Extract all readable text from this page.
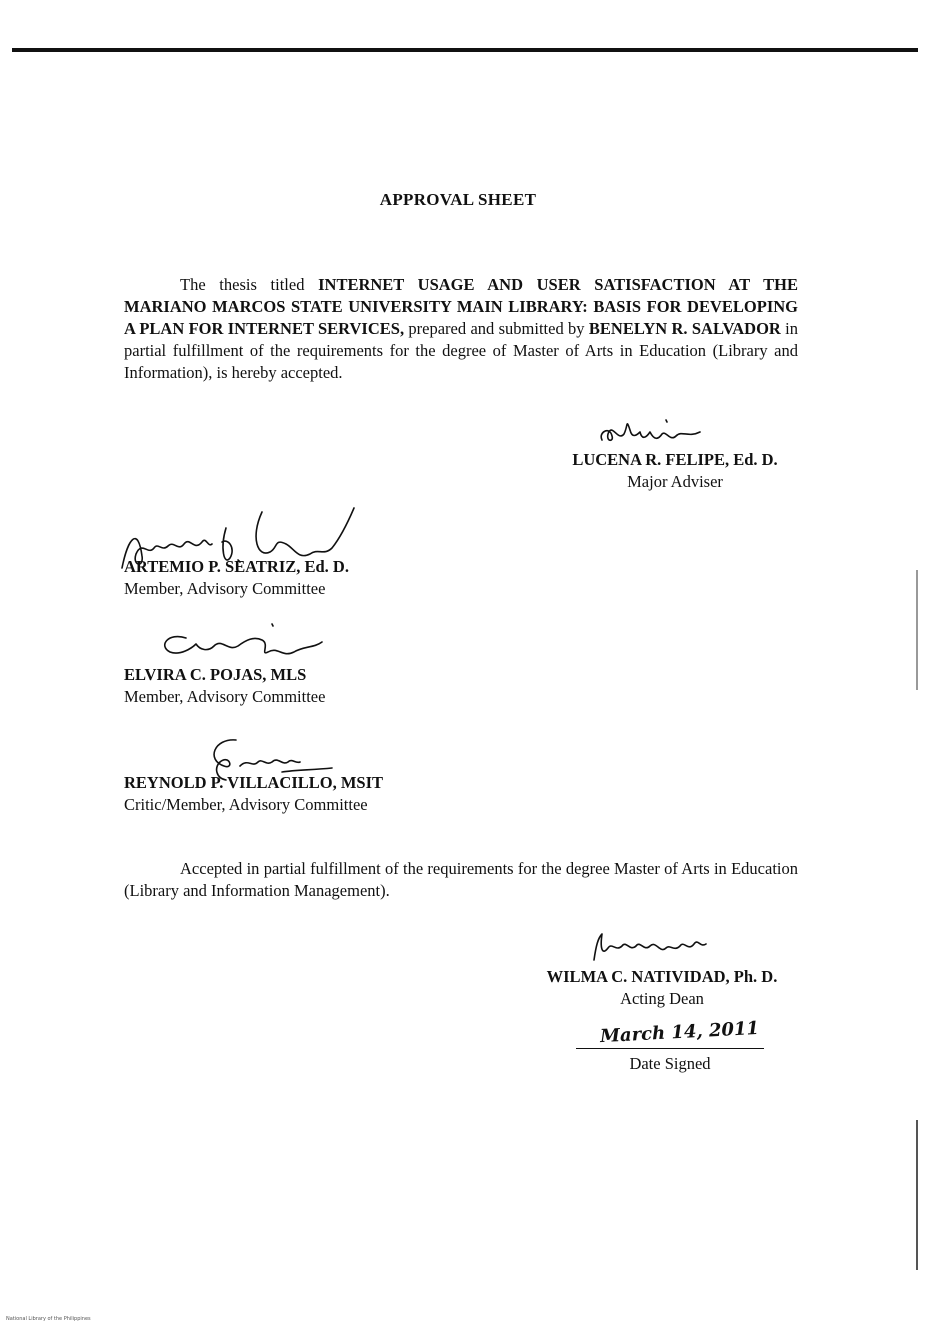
APPROVAL SHEET

The thesis titled INTERNET USAGE AND USER SATISFACTION AT THE MARIANO MARCOS STATE UNIVERSITY MAIN LIBRARY: BASIS FOR DEVELOPING A PLAN FOR INTERNET SERVICES, prepared and submitted by BENELYN R. SALVADOR in partial fulfillment of the requirements for the degree of Master of Arts in Education (Library and Information), is hereby accepted.

LUCENA R. FELIPE, Ed. D.
Major Adviser
ARTEMIO P. SEATRIZ, Ed. D.
Member, Advisory Committee
ELVIRA C. POJAS, MLS
Member, Advisory Committee
REYNOLD P. VILLACILLO, MSIT
Critic/Member, Advisory Committee

Accepted in partial fulfillment of the requirements for the degree Master of Arts in Education (Library and Information Management).

WILMA C. NATIVIDAD, Ph. D.
Acting Dean
March 14, 2011
Date Signed
National Library of the Philippines
